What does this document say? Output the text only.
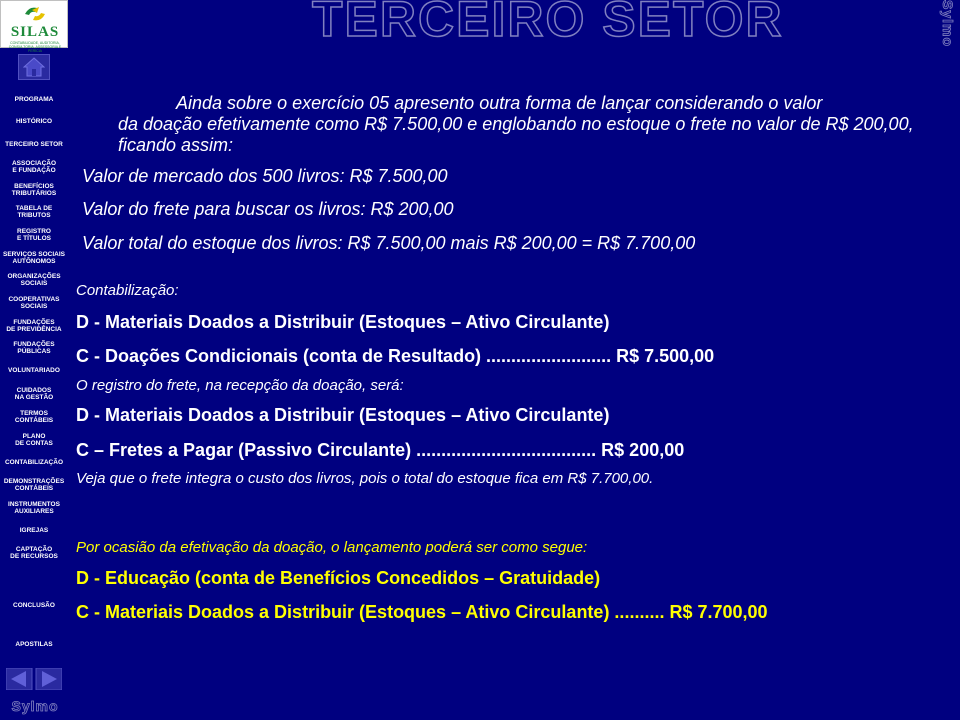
SILAS
CONTABILIDADE, AUDITORIA, CONSULTORIA, ASSESSORIA E PERÍCIA
TERCEIRO SETOR	Sylmo
PROGRAMA
HISTÓRICO
TERCEIRO SETOR
ASSOCIAÇÃO
E FUNDAÇÃO
BENEFÍCIOS
TRIBUTÁRIOS
TABELA DE
TRIBUTOS
REGISTRO
E TÍTULOS
SERVIÇOS SOCIAIS
AUTÔNOMOS
ORGANIZAÇÕES
SOCIAIS
COOPERATIVAS
SOCIAIS
FUNDAÇÕES
DE PREVIDÊNCIA
FUNDAÇÕES
PÚBLICAS
VOLUNTARIADO
CUIDADOS
NA GESTÃO
TERMOS
CONTÁBEIS
PLANO
DE CONTAS
CONTABILIZAÇÃO
DEMONSTRAÇÕES
CONTÁBEIS
INSTRUMENTOS
AUXILIARES
IGREJAS
CAPTAÇÃO
DE RECURSOS
CONCLUSÃO
APOSTILAS
Sylmo
Ainda sobre o exercício 05 apresento outra forma de lançar considerando o valor
da doação efetivamente como R$ 7.500,00 e englobando no estoque o frete no valor de R$ 200,00, ficando assim:
Valor de mercado dos 500 livros: R$ 7.500,00
Valor do frete para buscar os livros: R$ 200,00
Valor total do estoque dos livros: R$ 7.500,00 mais R$ 200,00 = R$ 7.700,00
Contabilização:
D - Materiais Doados a Distribuir (Estoques – Ativo Circulante)
C - Doações Condicionais (conta de Resultado) ......................... R$ 7.500,00
O registro do frete, na recepção da doação, será:
D - Materiais Doados a Distribuir (Estoques – Ativo Circulante)
C – Fretes a Pagar (Passivo Circulante) .................................... R$ 200,00
Veja que o frete integra o custo dos livros, pois o total do estoque fica em R$ 7.700,00.
Por ocasião da efetivação da doação, o lançamento poderá ser como segue:
D - Educação (conta de Benefícios Concedidos – Gratuidade)
C - Materiais Doados a Distribuir (Estoques – Ativo Circulante) .......... R$ 7.700,00
